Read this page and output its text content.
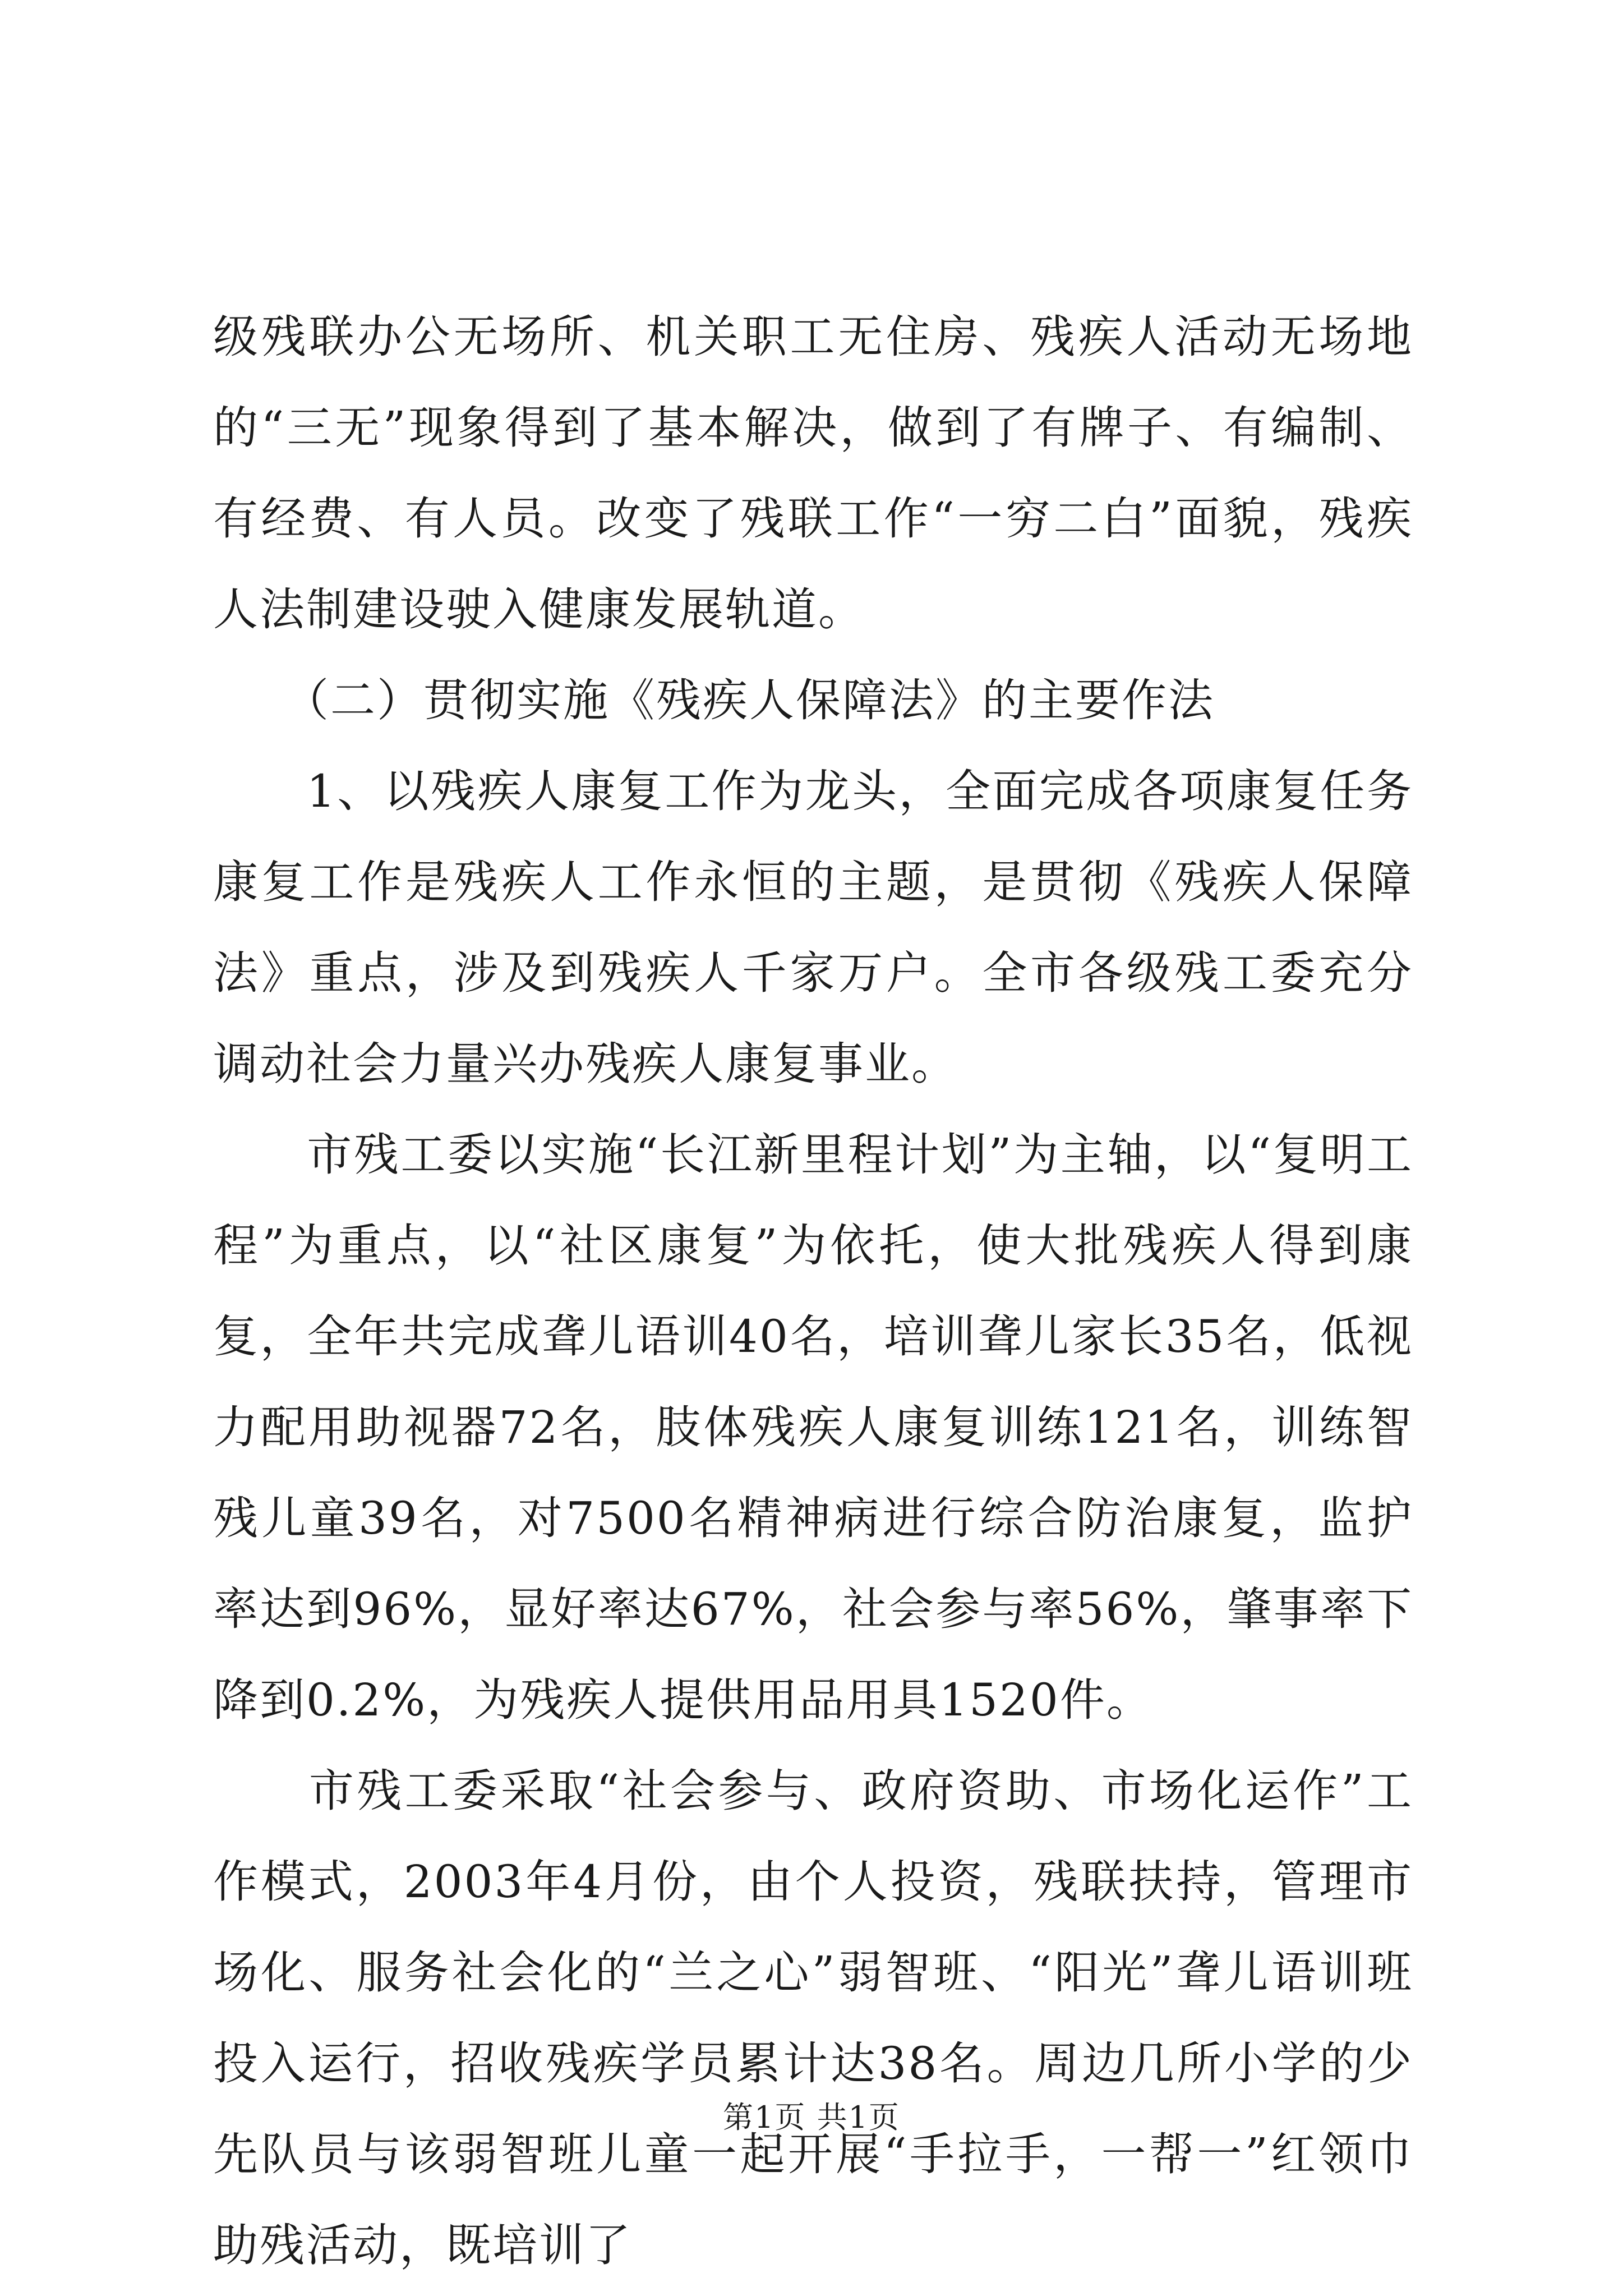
级残联办公无场所、机关职工无住房、残疾人活动无场地的“三无”现象得到了基本解决，做到了有牌子、有编制、有经费、有人员。改变了残联工作“一穷二白”面貌，残疾人法制建设驶入健康发展轨道。

　　（二）贯彻实施《残疾人保障法》的主要作法

　　1、以残疾人康复工作为龙头，全面完成各项康复任务康复工作是残疾人工作永恒的主题，是贯彻《残疾人保障法》重点，涉及到残疾人千家万户。全市各级残工委充分调动社会力量兴办残疾人康复事业。

　　市残工委以实施“长江新里程计划”为主轴，以“复明工程”为重点，以“社区康复”为依托，使大批残疾人得到康复，全年共完成聋儿语训40名，培训聋儿家长35名，低视力配用助视器72名，肢体残疾人康复训练121名，训练智残儿童39名，对7500名精神病进行综合防治康复，监护率达到96%，显好率达67%，社会参与率56%，肇事率下降到0.2%，为残疾人提供用品用具1520件。

　　市残工委采取“社会参与、政府资助、市场化运作”工作模式，2003年4月份，由个人投资，残联扶持，管理市场化、服务社会化的“兰之心”弱智班、“阳光”聋儿语训班投入运行，招收残疾学员累计达38名。周边几所小学的少先队员与该弱智班儿童一起开展“手拉手，一帮一”红领巾助残活动，既培训了

第1页 共1页
